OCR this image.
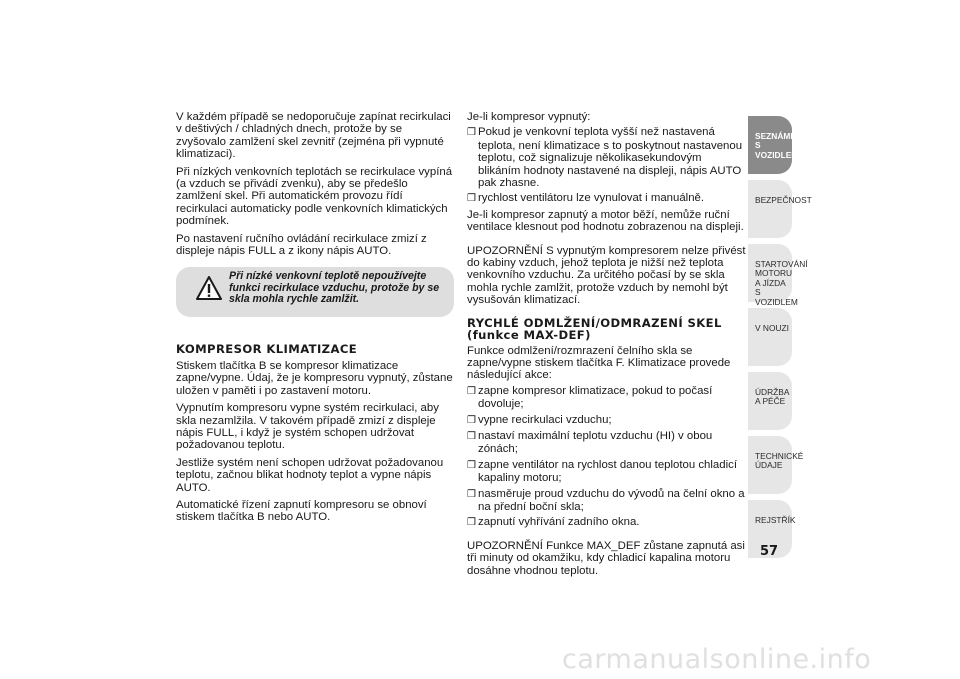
V každém případě se nedoporučuje zapínat recirkulaci v deštivých / chladných dnech, protože by se zvyšovalo zamlžení skel zevnitř (zejména při vypnuté klimatizaci).

Při nízkých venkovních teplotách se recirkulace vypíná (a vzduch se přivádí zvenku), aby se předešlo zamlžení skel. Při automatickém provozu řídí recirkulaci automaticky podle venkovních klimatických podmínek.

Po nastavení ručního ovládání recirkulace zmizí z displeje nápis FULL a z ikony nápis AUTO.

Při nízké venkovní teplotě nepoužívejte funkci recirkulace vzduchu, protože by se skla mohla rychle zamlžit.
KOMPRESOR KLIMATIZACE

Stiskem tlačítka B se kompresor klimatizace zapne/vypne. Údaj, že je kompresoru vypnutý, zůstane uložen v paměti i po zastavení motoru.

Vypnutím kompresoru vypne systém recirkulaci, aby skla nezamlžila. V takovém případě zmizí z displeje nápis FULL, i když je systém schopen udržovat požadovanou teplotu.

Jestliže systém není schopen udržovat požadovanou teplotu, začnou blikat hodnoty teplot a vypne nápis AUTO.

Automatické řízení zapnutí kompresoru se obnoví stiskem tlačítka B nebo AUTO.

Je-li kompresor vypnutý:

❒ Pokud je venkovní teplota vyšší než nastavená teplota, není klimatizace s to poskytnout nastavenou teplotu, což signalizuje několikasekundovým blikáním hodnoty nastavené na displeji, nápis AUTO pak zhasne.
❒ rychlost ventilátoru lze vynulovat i manuálně.

Je-li kompresor zapnutý a motor běží, nemůže ruční ventilace klesnout pod hodnotu zobrazenou na displeji.

UPOZORNĚNÍ S vypnutým kompresorem nelze přivést do kabiny vzduch, jehož teplota je nižší než teplota venkovního vzduchu. Za určitého počasí by se skla mohla rychle zamlžit, protože vzduch by nemohl být vysušován klimatizací.

RYCHLÉ ODMLŽENÍ/ODMRAZENÍ SKEL
(funkce MAX-DEF)

Funkce odmlžení/rozmrazení čelního skla se zapne/vypne stiskem tlačítka F. Klimatizace provede následující akce:

❒ zapne kompresor klimatizace, pokud to počasí dovoluje;
❒ vypne recirkulaci vzduchu;
❒ nastaví maximální teplotu vzduchu (HI) v obou zónách;
❒ zapne ventilátor na rychlost danou teplotou chladicí kapaliny motoru;
❒ nasměruje proud vzduchu do vývodů na čelní okno a na přední boční skla;
❒ zapnutí vyhřívání zadního okna.

UPOZORNĚNÍ Funkce MAX_DEF zůstane zapnutá asi tři minuty od okamžiku, kdy chladicí kapalina motoru dosáhne vhodnou teplotu.

SEZNÁMENÍ S VOZIDLEM
BEZPEČNOST
STARTOVÁNÍ MOTORU A JÍZDA S VOZIDLEM
V NOUZI
ÚDRŽBA A PÉČE
TECHNICKÉ ÚDAJE
REJSTŘÍK
57
carmanualsonline.info
